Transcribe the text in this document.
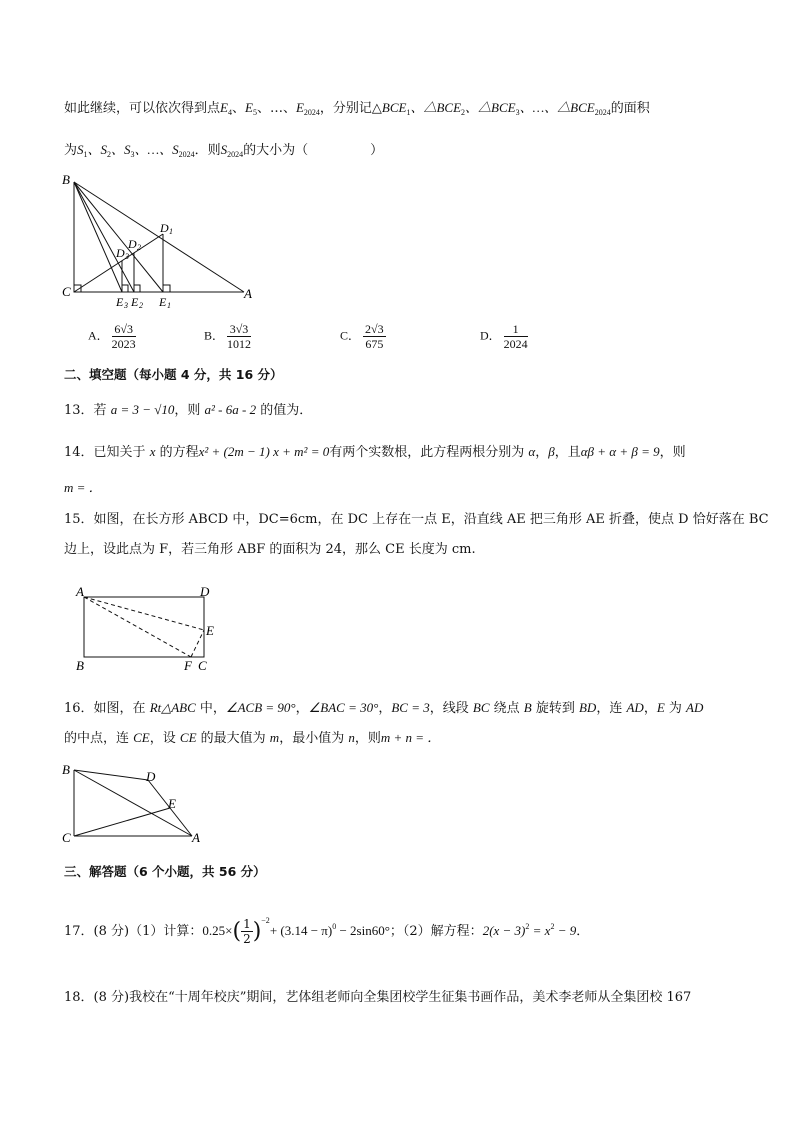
如此继续，可以依次得到点$E_4$、$E_5$、…、$E_{2024}$，分别记$\triangle BCE_1$、$\triangle BCE_2$、$\triangle BCE_3$、…、$\triangle BCE_{2024}$的面积
为$S_1$、$S_2$、$S_3$、…、$S_{2024}$．则$S_{2024}$的大小为（	）
B
C	A
D 1
D 2
D 3
E 3 E 2 E 1
A． $\frac{6√3}{2023}$	B． $\frac{3√3}{1012}$	C． $\frac{2√3}{675}$	D． $\frac{1}{2024}$
二、填空题（每小题 4 分，共 16 分）
13．若 a = 3 − √10，则 a² - 6a - 2 的值为．
14．已知关于 x 的方程x² + (2m − 1) x + m² = 0有两个实数根，此方程两根分别为 α，β，且αβ + α + β = 9，则
m = ．
15．如图，在长方形 ABCD 中，DC=6cm，在 DC 上存在一点 E，沿直线 AE 把三角形 AE 折叠，使点 D 恰好落在 BC
边上，设此点为 F，若三角形 ABF 的面积为 24，那么 CE 长度为 cm.
A	D
E
B	F C
16．如图，在 Rt△ABC 中，∠ACB = 90°，∠BAC = 30°，BC = 3，线段 BC 绕点 B 旋转到 BD，连 AD，E 为 AD
的中点，连 CE，设 CE 的最大值为 m，最小值为 n，则m + n = ．
B	D
E
C	A
三、解答题（6 个小题，共 56 分）
17．(8 分)（1）计算：$0.25\times( \frac{1}{2} )^{-2}+ (3.14 - \pi)^0 - 2\sin 60^\circ$；（2）解方程：$2(x - 3)^2 = x^2 - 9$．
18．(8 分)我校在“十周年校庆”期间，艺体组老师向全集团校学生征集书画作品，美术李老师从全集团校 167
